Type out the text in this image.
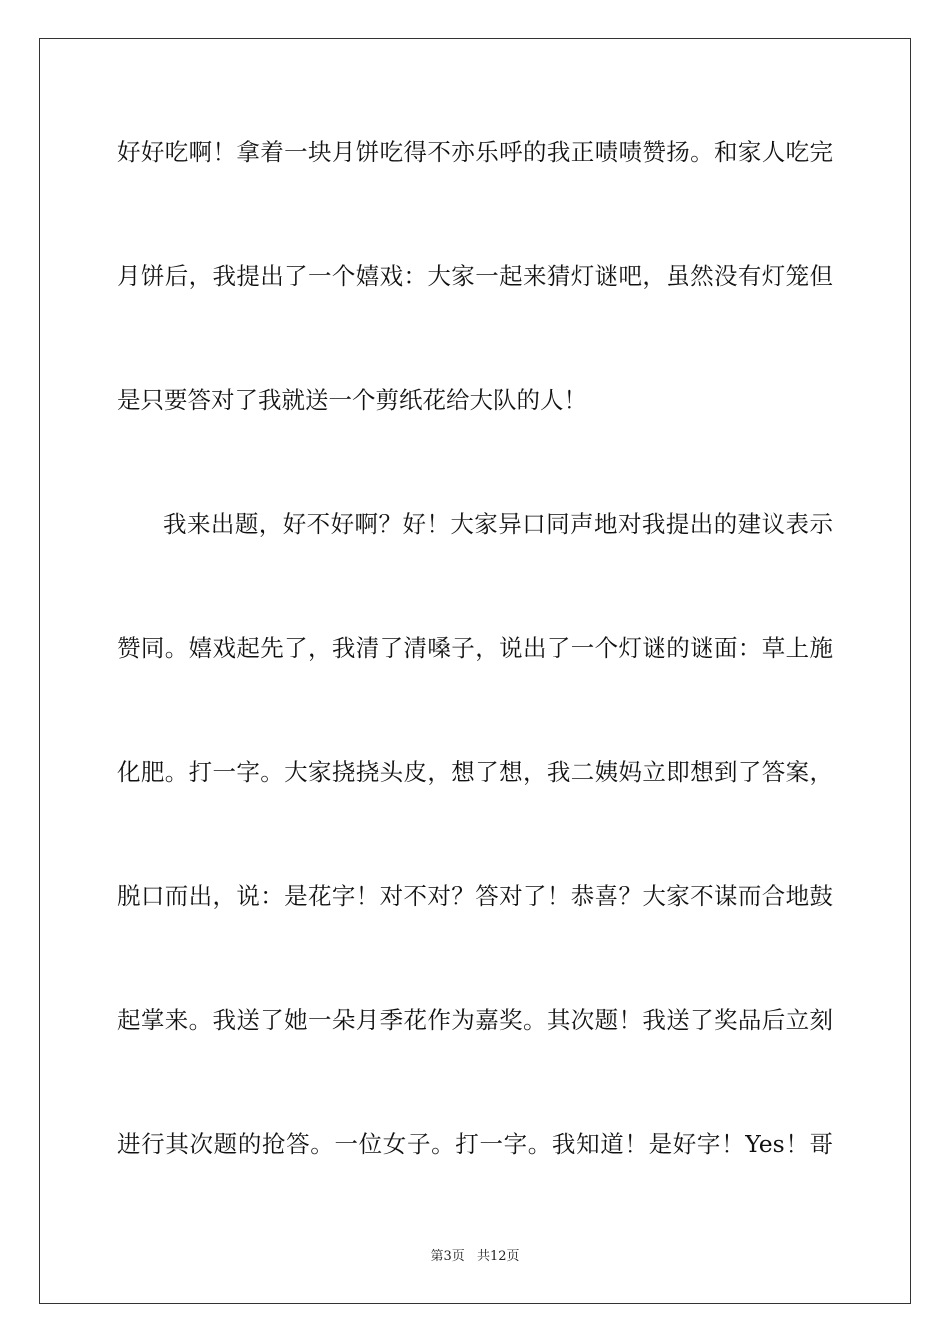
好好吃啊！拿着一块月饼吃得不亦乐呼的我正啧啧赞扬。和家人吃完
月饼后，我提出了一个嬉戏：大家一起来猜灯谜吧，虽然没有灯笼但
是只要答对了我就送一个剪纸花给大队的人！
我来出题，好不好啊？好！大家异口同声地对我提出的建议表示
赞同。嬉戏起先了，我清了清嗓子，说出了一个灯谜的谜面：草上施
化肥。打一字。大家挠挠头皮，想了想，我二姨妈立即想到了答案，
脱口而出，说：是花字！对不对？答对了！恭喜？大家不谋而合地鼓
起掌来。我送了她一朵月季花作为嘉奖。其次题！我送了奖品后立刻
进行其次题的抢答。一位女子。打一字。我知道！是好字！Yes！哥
第3页 共12页
